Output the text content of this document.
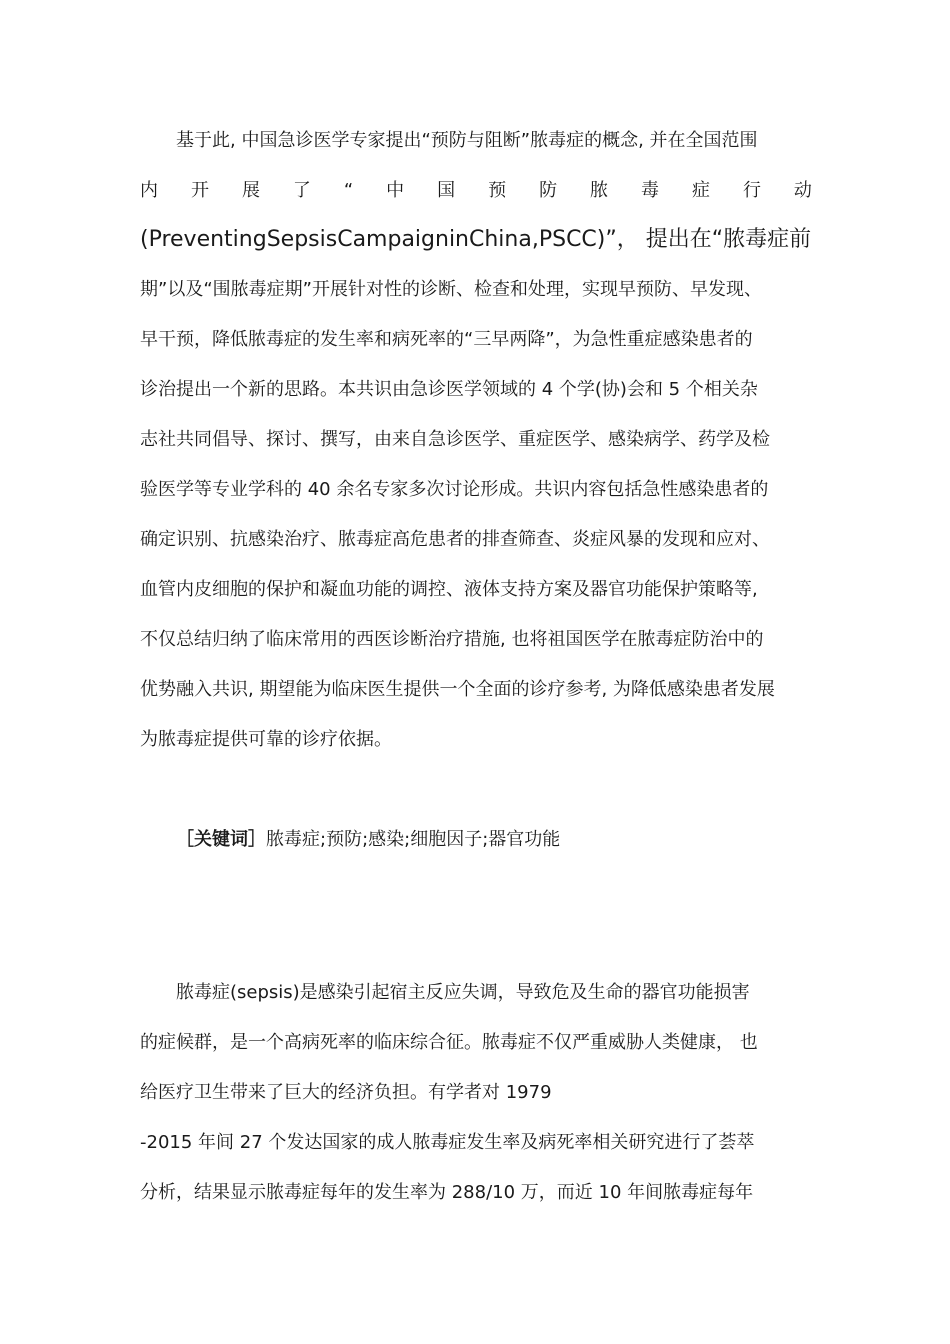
基于此, 中国急诊医学专家提出“预防与阻断”脓毒症的概念, 并在全国范围
内 开 展 了 “ 中 国 预 防 脓 毒 症 行 动
(PreventingSepsisCampaigninChina,PSCC)”， 提出在“脓毒症前
期”以及“围脓毒症期”开展针对性的诊断、检查和处理，实现早预防、早发现、
早干预，降低脓毒症的发生率和病死率的“三早两降”，为急性重症感染患者的
诊治提出一个新的思路。本共识由急诊医学领域的 4 个学(协)会和 5 个相关杂
志社共同倡导、探讨、撰写，由来自急诊医学、重症医学、感染病学、药学及检
验医学等专业学科的 40 余名专家多次讨论形成。共识内容包括急性感染患者的
确定识别、抗感染治疗、脓毒症高危患者的排查筛查、炎症风暴的发现和应对、
血管内皮细胞的保护和凝血功能的调控、液体支持方案及器官功能保护策略等,
不仅总结归纳了临床常用的西医诊断治疗措施, 也将祖国医学在脓毒症防治中的
优势融入共识, 期望能为临床医生提供一个全面的诊疗参考, 为降低感染患者发展
为脓毒症提供可靠的诊疗依据。
［关键词］脓毒症;预防;感染;细胞因子;器官功能
脓毒症(sepsis)是感染引起宿主反应失调，导致危及生命的器官功能损害
的症候群，是一个高病死率的临床综合征。脓毒症不仅严重威胁人类健康， 也
给医疗卫生带来了巨大的经济负担。有学者对 1979
-2015 年间 27 个发达国家的成人脓毒症发生率及病死率相关研究进行了荟萃
分析，结果显示脓毒症每年的发生率为 288/10 万，而近 10 年间脓毒症每年
